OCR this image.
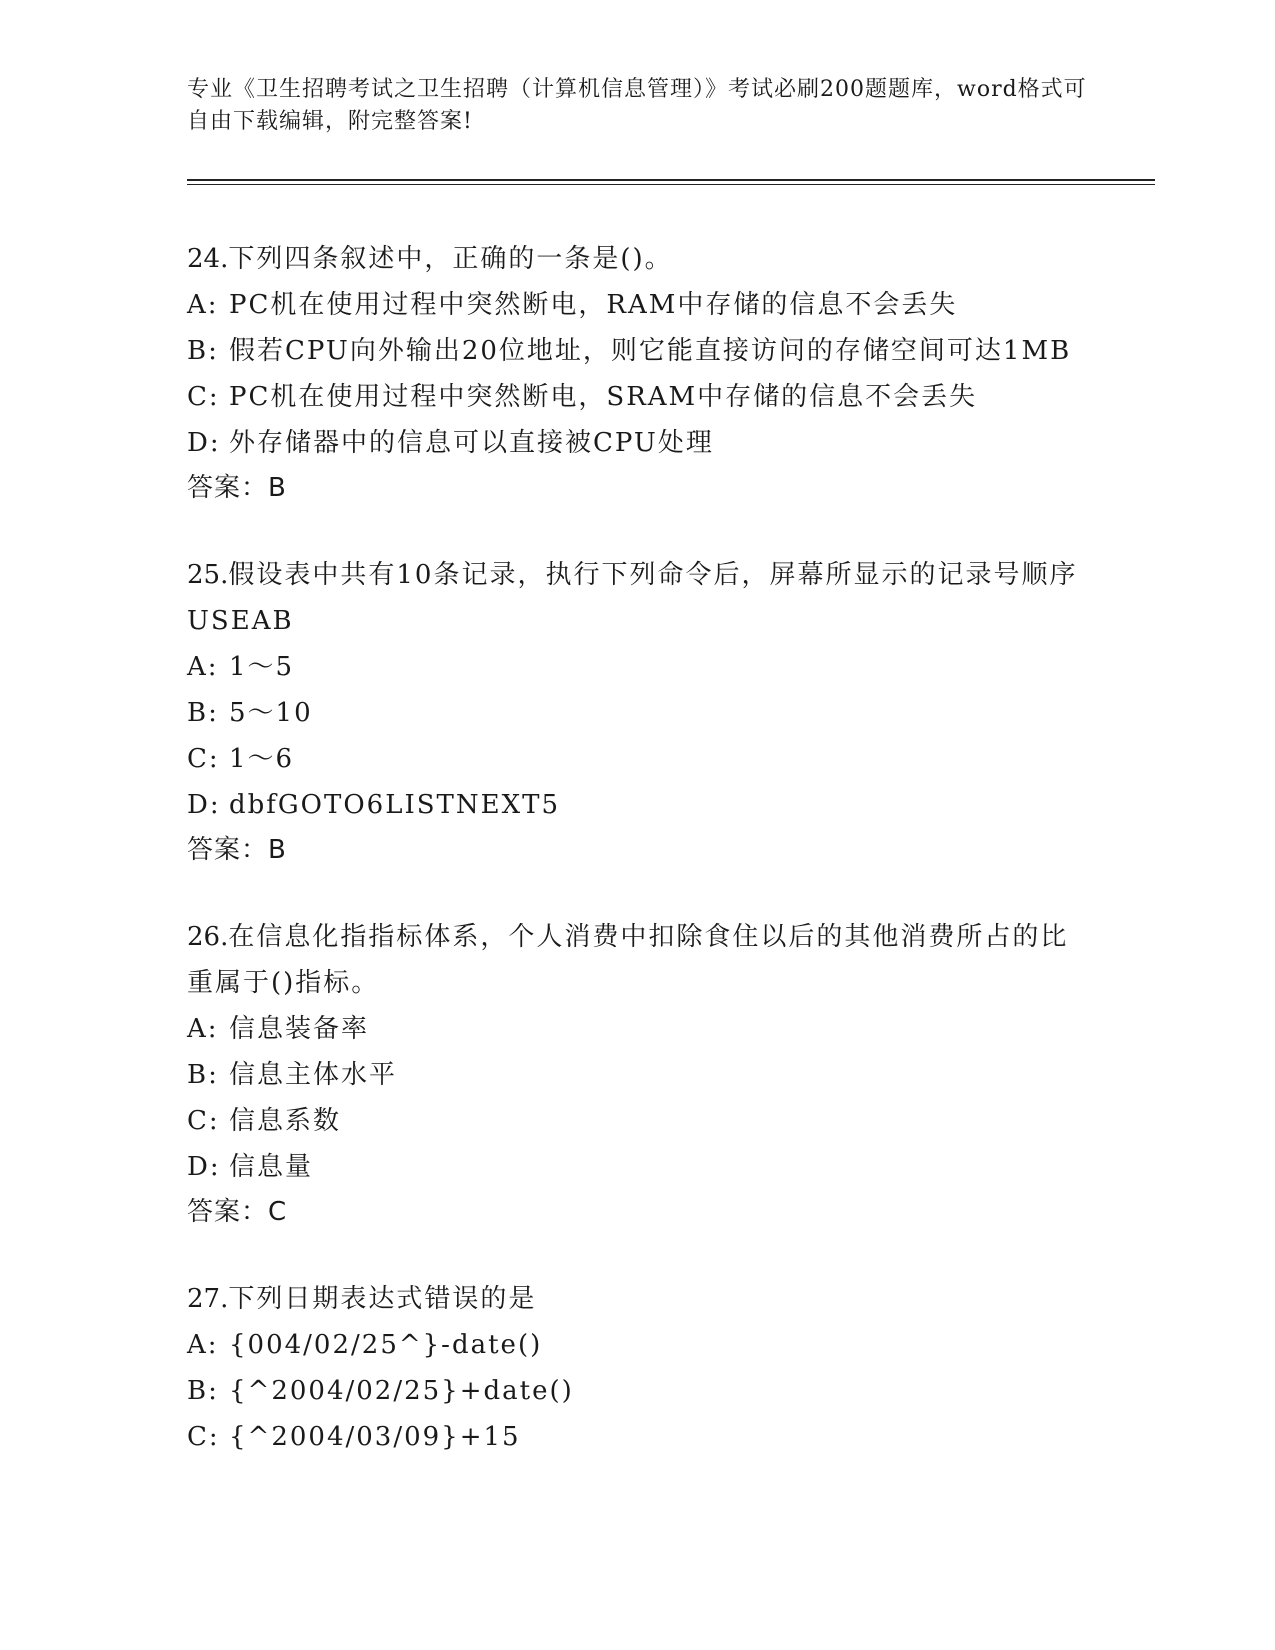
专业《卫生招聘考试之卫生招聘（计算机信息管理）》考试必刷200题题库，word格式可自由下载编辑，附完整答案!
24.下列四条叙述中，正确的一条是()。
A: PC机在使用过程中突然断电，RAM中存储的信息不会丢失
B: 假若CPU向外输出20位地址，则它能直接访问的存储空间可达1MB
C: PC机在使用过程中突然断电，SRAM中存储的信息不会丢失
D: 外存储器中的信息可以直接被CPU处理
答案：B
25.假设表中共有10条记录，执行下列命令后，屏幕所显示的记录号顺序USEAB
A: 1～5
B: 5～10
C: 1～6
D: dbfGOTO6LISTNEXT5
答案：B
26.在信息化指指标体系，个人消费中扣除食住以后的其他消费所占的比重属于()指标。
A: 信息装备率
B: 信息主体水平
C: 信息系数
D: 信息量
答案：C
27.下列日期表达式错误的是
A: {004/02/25^}-date()
B: {^2004/02/25}+date()
C: {^2004/03/09}+15
